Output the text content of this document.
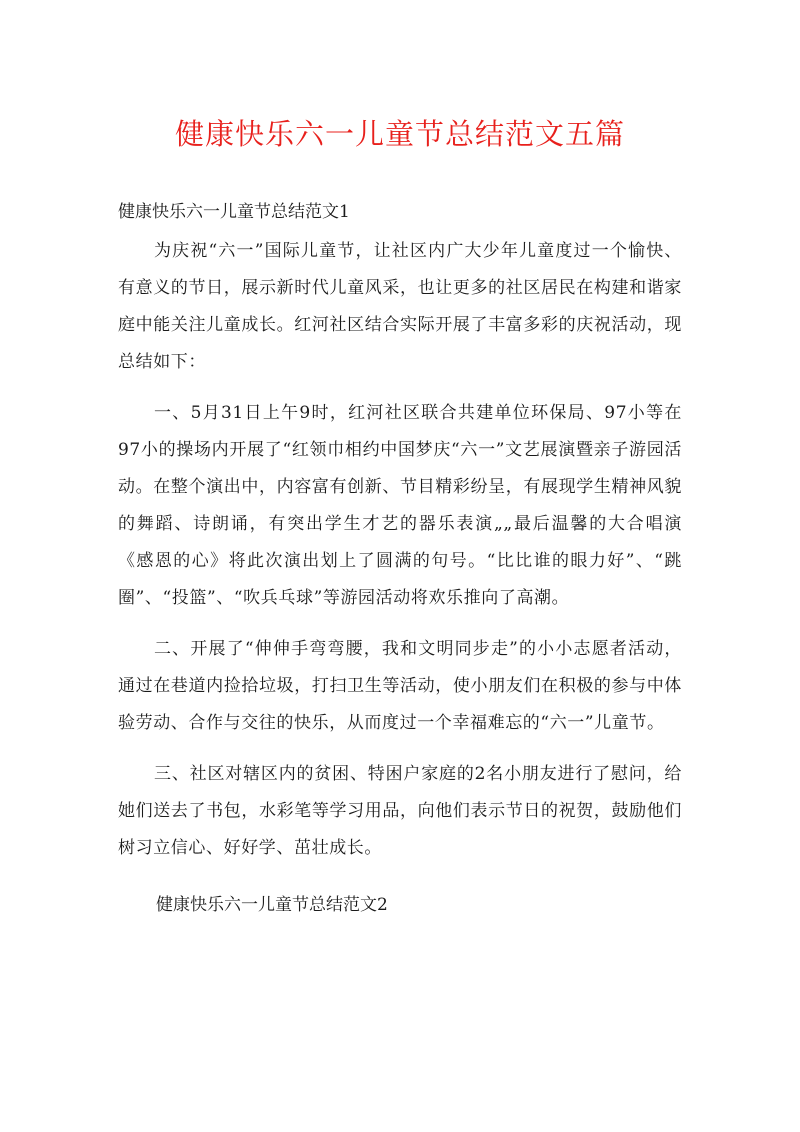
健康快乐六一儿童节总结范文五篇

健康快乐六一儿童节总结范文1

为庆祝“六一”国际儿童节，让社区内广大少年儿童度过一个愉快、有意义的节日，展示新时代儿童风采，也让更多的社区居民在构建和谐家庭中能关注儿童成长。红河社区结合实际开展了丰富多彩的庆祝活动，现总结如下：

一、5月31日上午9时，红河社区联合共建单位环保局、97小等在97小的操场内开展了“红领巾相约中国梦庆“六一”文艺展演暨亲子游园活动。在整个演出中，内容富有创新、节目精彩纷呈，有展现学生精神风貌的舞蹈、诗朗诵，有突出学生才艺的器乐表演„„最后温馨的大合唱演《感恩的心》将此次演出划上了圆满的句号。“比比谁的眼力好”、“跳圈”、“投篮”、“吹兵乓球”等游园活动将欢乐推向了高潮。

二、开展了“伸伸手弯弯腰，我和文明同步走”的小小志愿者活动，通过在巷道内捡拾垃圾，打扫卫生等活动，使小朋友们在积极的参与中体验劳动、合作与交往的快乐，从而度过一个幸福难忘的“六一”儿童节。

三、社区对辖区内的贫困、特困户家庭的2名小朋友进行了慰问，给她们送去了书包，水彩笔等学习用品，向他们表示节日的祝贺，鼓励他们树习立信心、好好学、茁壮成长。

健康快乐六一儿童节总结范文2
